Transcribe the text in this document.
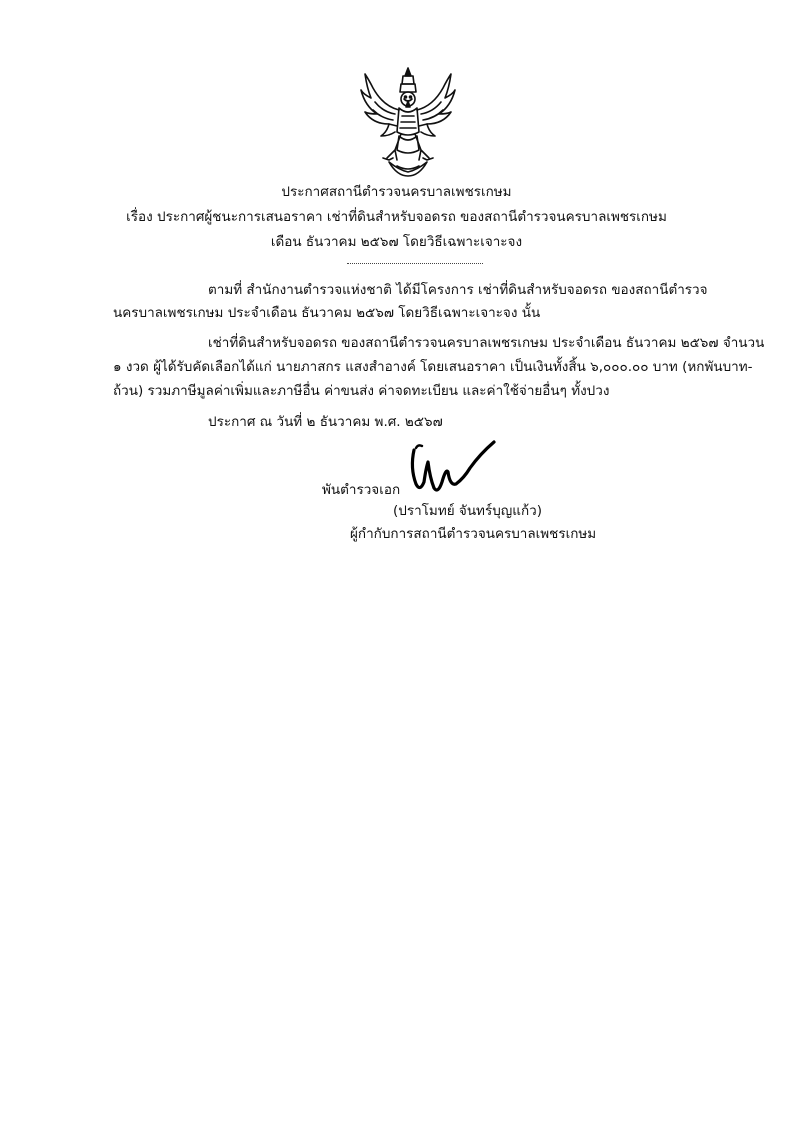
ประกาศสถานีตำรวจนครบาลเพชรเกษม
เรื่อง ประกาศผู้ชนะการเสนอราคา เช่าที่ดินสำหรับจอดรถ ของสถานีตำรวจนครบาลเพชรเกษม
เดือน ธันวาคม ๒๕๖๗ โดยวิธีเฉพาะเจาะจง
ตามที่ สำนักงานตำรวจแห่งชาติ ได้มีโครงการ เช่าที่ดินสำหรับจอดรถ ของสถานีตำรวจ
นครบาลเพชรเกษม ประจำเดือน ธันวาคม ๒๕๖๗ โดยวิธีเฉพาะเจาะจง นั้น
เช่าที่ดินสำหรับจอดรถ ของสถานีตำรวจนครบาลเพชรเกษม ประจำเดือน ธันวาคม ๒๕๖๗ จำนวน
๑ งวด ผู้ได้รับคัดเลือกได้แก่ นายภาสกร แสงสำอางค์ โดยเสนอราคา เป็นเงินทั้งสิ้น ๖,๐๐๐.๐๐ บาท (หกพันบาท-
ถ้วน) รวมภาษีมูลค่าเพิ่มและภาษีอื่น ค่าขนส่ง ค่าจดทะเบียน และค่าใช้จ่ายอื่นๆ ทั้งปวง
ประกาศ ณ วันที่ ๒ ธันวาคม พ.ศ. ๒๕๖๗
พันตำรวจเอก
(ปราโมทย์ จันทร์บุญแก้ว)
ผู้กำกับการสถานีตำรวจนครบาลเพชรเกษม
